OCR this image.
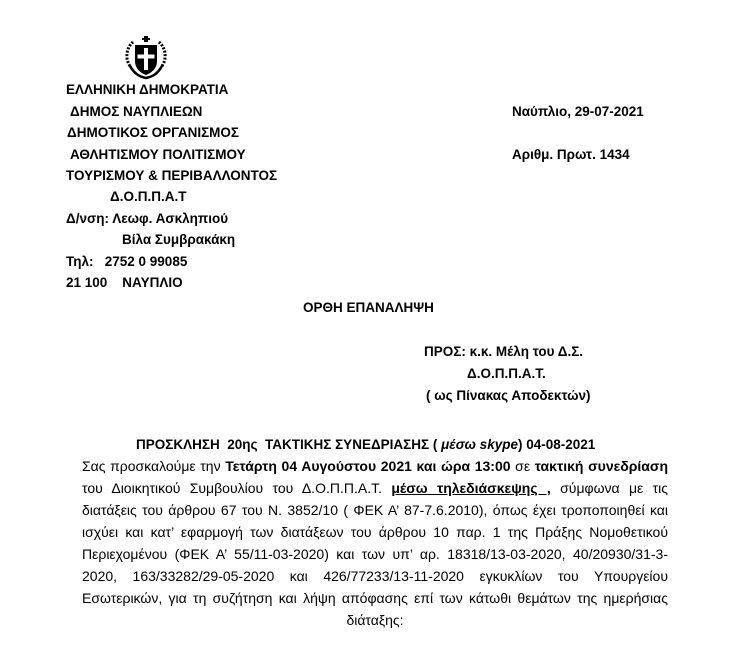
ΕΛΛΗΝΙΚΗ ΔΗΜΟΚΡΑΤΙΑ
ΔΗΜΟΣ ΝΑΥΠΛΙΕΩΝ
ΔΗΜΟΤΙΚΟΣ ΟΡΓΑΝΙΣΜΟΣ
ΑΘΛΗΤΙΣΜΟΥ ΠΟΛΙΤΙΣΜΟΥ
ΤΟΥΡΙΣΜΟΥ & ΠΕΡΙΒΑΛΛΟΝΤΟΣ
Δ.Ο.Π.Π.Α.Τ
Δ/νση: Λεωφ. Ασκληπιού
Βίλα Συμβρακάκη
Τηλ:   2752 0 99085
21 100    ΝΑΥΠΛΙΟ
Ναύπλιο, 29-07-2021
Αριθμ. Πρωτ. 1434
ΟΡΘΗ ΕΠΑΝΑΛΗΨΗ
ΠΡΟΣ: κ.κ. Μέλη του Δ.Σ.
Δ.Ο.Π.Π.Α.Τ.
( ως Πίνακας Αποδεκτών)
ΠΡΟΣΚΛΗΣΗ  20ης  ΤΑΚΤΙΚΗΣ ΣΥΝΕΔΡΙΑΣΗΣ ( μέσω skype) 04-08-2021
Σας προσκαλούμε την Τετάρτη 04 Αυγούστου 2021 και ώρα 13:00 σε τακτική συνεδρίαση
του Διοικητικού Συμβουλίου του Δ.Ο.Π.Π.Α.Τ. μέσω τηλεδιάσκεψης , σύμφωνα με τις
διατάξεις του άρθρου 67 του Ν. 3852/10 ( ΦΕΚ Α’ 87-7.6.2010), όπως έχει τροποποιηθεί και
ισχύει και κατ’ εφαρμογή των διατάξεων του άρθρου 10 παρ. 1 της Πράξης Νομοθετικού
Περιεχομένου (ΦΕΚ Α’ 55/11-03-2020) και των υπ’ αρ. 18318/13-03-2020, 40/20930/31-3-
2020, 163/33282/29-05-2020 και 426/77233/13-11-2020 εγκυκλίων του Υπουργείου
Εσωτερικών, για τη συζήτηση και λήψη απόφασης επί των κάτωθι θεμάτων της ημερήσιας
διάταξης:
